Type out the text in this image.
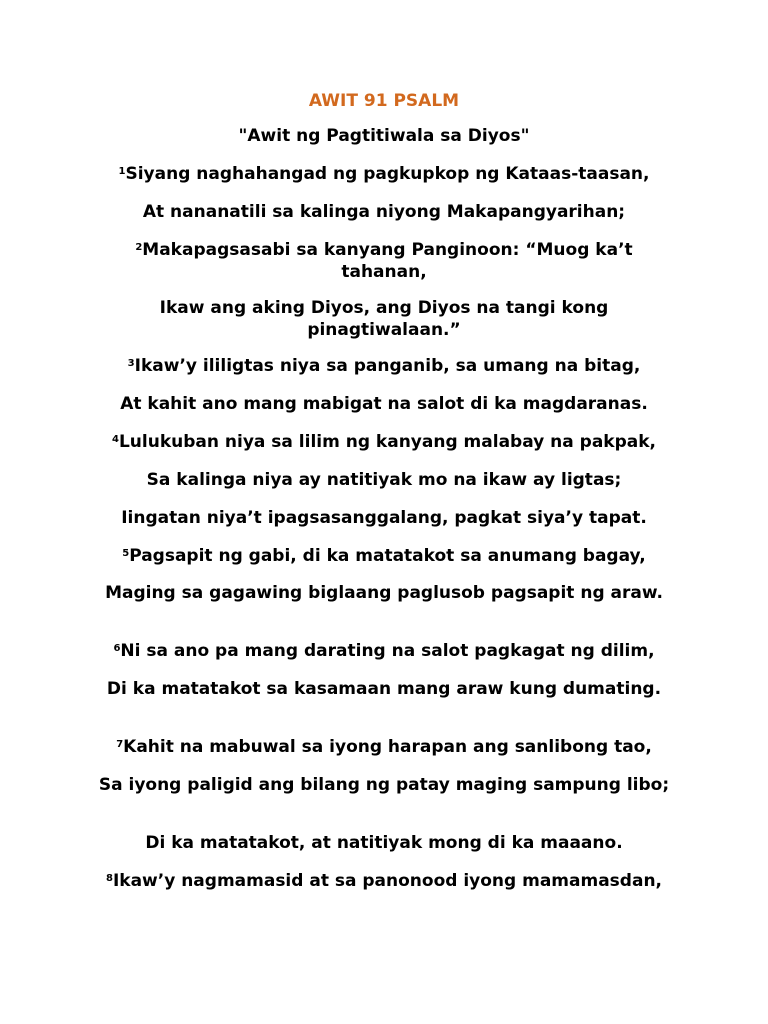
AWIT 91 PSALM
"Awit ng Pagtitiwala sa Diyos"
$^1$Siyang naghahangad ng pagkupkop ng Kataas-taasan,
At nananatili sa kalinga niyong Makapangyarihan;
$^2$Makapagsasabi sa kanyang Panginoon: “Muog ka’t tahanan,
Ikaw ang aking Diyos, ang Diyos na tangi kong pinagtiwalaan.”
$^3$Ikaw’y ililigtas niya sa panganib, sa umang na bitag,
At kahit ano mang mabigat na salot di ka magdaranas.
$^4$Lulukuban niya sa lilim ng kanyang malabay na pakpak,
Sa kalinga niya ay natitiyak mo na ikaw ay ligtas;
Iingatan niya’t ipagsasanggalang, pagkat siya’y tapat.
$^5$Pagsapit ng gabi, di ka matatakot sa anumang bagay,
Maging sa gagawing biglaang paglusob pagsapit ng araw.
$^6$Ni sa ano pa mang darating na salot pagkagat ng dilim,
Di ka matatakot sa kasamaan mang araw kung dumating.
$^7$Kahit na mabuwal sa iyong harapan ang sanlibong tao,
Sa iyong paligid ang bilang ng patay maging sampung libo;
Di ka matatakot, at natitiyak mong di ka maaano.
$^8$Ikaw’y nagmamasid at sa panonood iyong mamamasdan,
